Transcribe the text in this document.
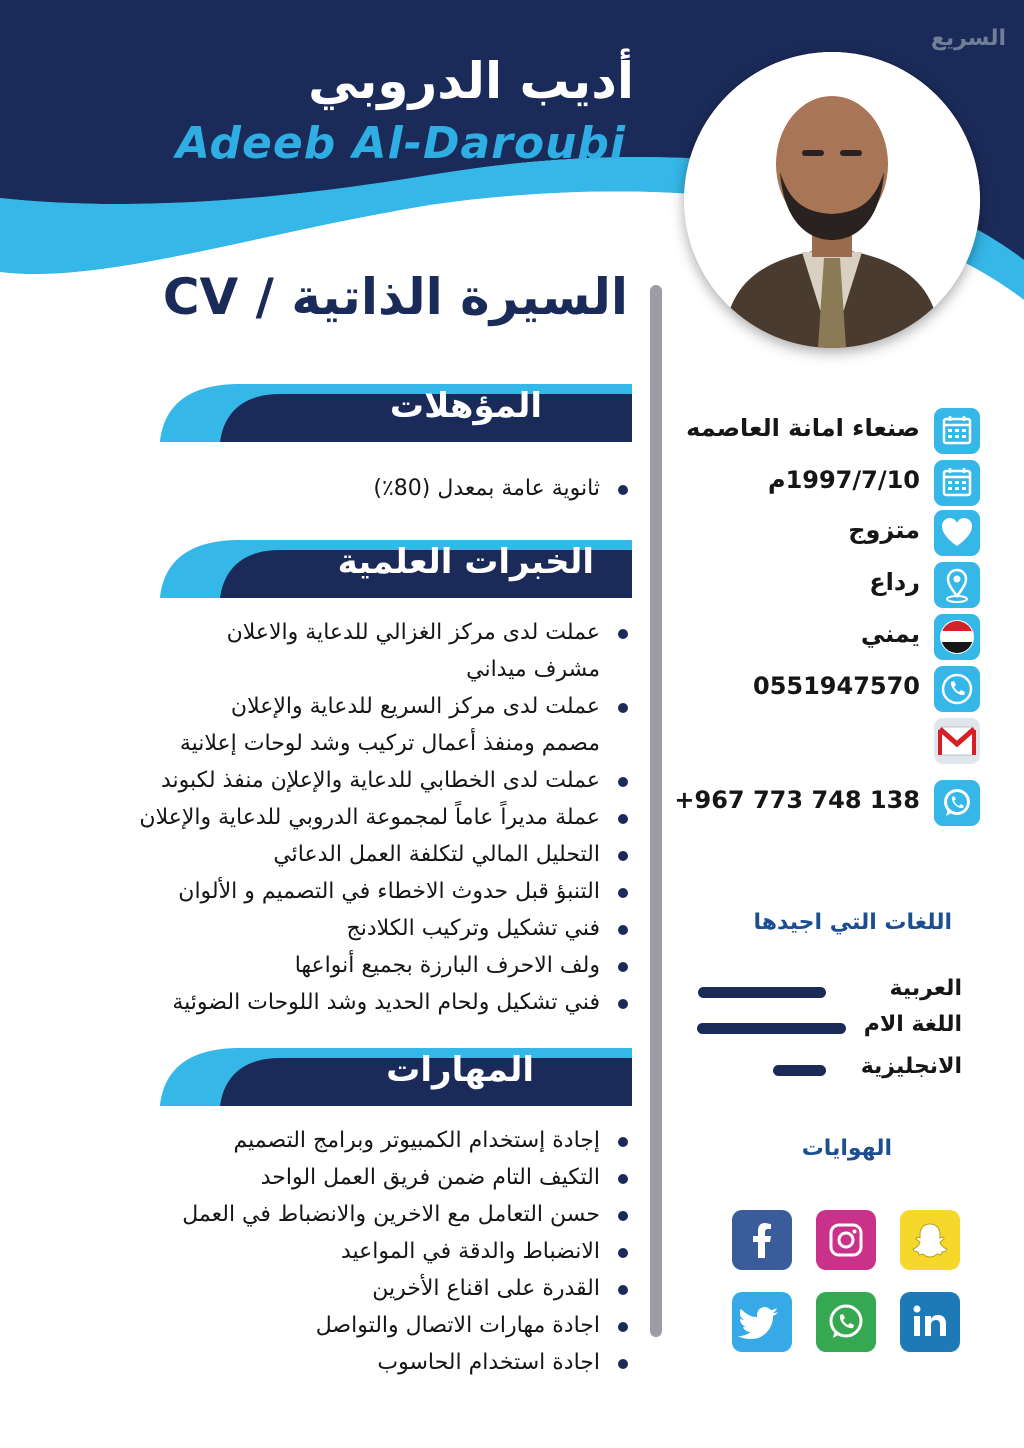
السريع
أديب الدروبي
Adeeb Al-Daroubi
السيرة الذاتية / CV
المؤهلات
ثانوية عامة بمعدل (80٪)
الخبرات العلمية
عملت لدى مركز الغزالي للدعاية والاعلان
مشرف ميداني
عملت لدى مركز السريع للدعاية والإعلان
مصمم ومنفذ أعمال تركيب وشد لوحات إعلانية
عملت لدى الخطابي للدعاية والإعلإن منفذ لكبوند
عملة مديراً عاماً لمجموعة الدروبي للدعاية والإعلان
التحليل المالي لتكلفة العمل الدعائي
التنبؤ قبل حدوث الاخطاء في التصميم و الألوان
فني تشكيل وتركيب الكلادنج
ولف الاحرف البارزة بجميع أنواعها
فني تشكيل ولحام الحديد وشد اللوحات الضوئية
المهارات
إجادة إستخدام الكمبيوتر وبرامج التصميم
التكيف التام ضمن فريق العمل الواحد
حسن التعامل مع الاخرين والانضباط في العمل
الانضباط والدقة في المواعيد
القدرة على اقناع الأخرين
اجادة مهارات الاتصال والتواصل
اجادة استخدام الحاسوب
صنعاء امانة العاصمه
1997/7/10م
متزوج
رداع
يمني
0551947570
+967 773 748 138
اللغات التي اجيدها
العربية
اللغة الام
الانجليزية
الهوايات
